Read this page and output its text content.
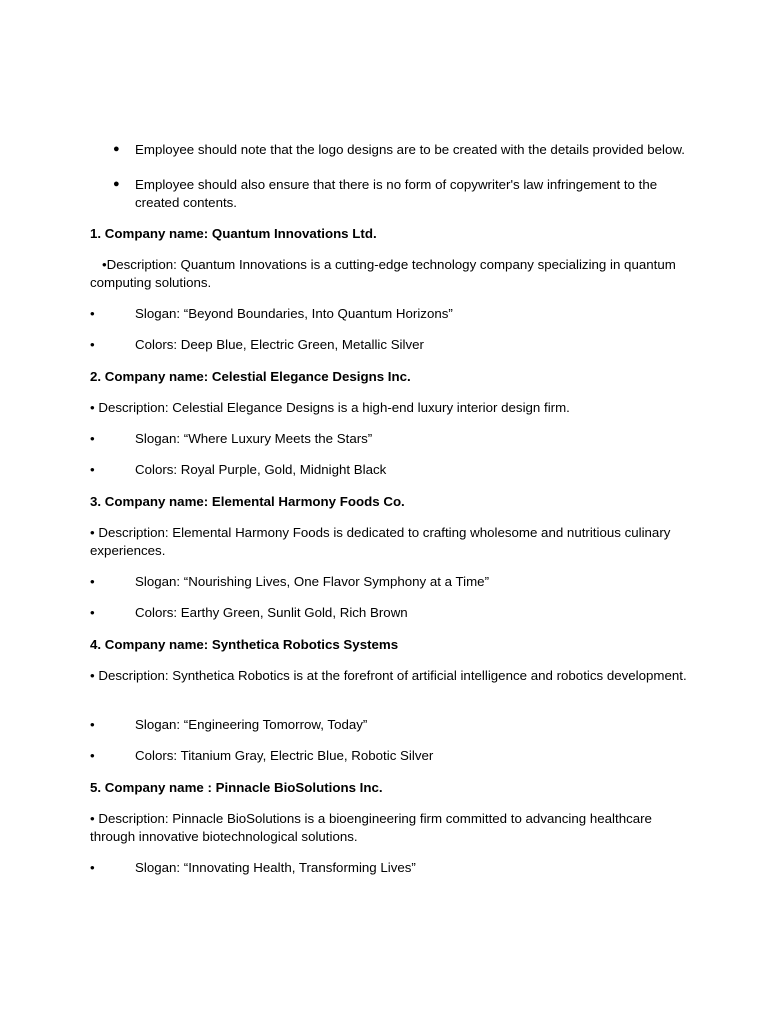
● Employee should note that the logo designs are to be created with the details provided below.
● Employee should also ensure that there is no form of copywriter's law infringement to the created contents.
1. Company name: Quantum Innovations Ltd.
•Description: Quantum Innovations is a cutting-edge technology company specializing in quantum computing solutions.
•	Slogan: “Beyond Boundaries, Into Quantum Horizons”
•	Colors: Deep Blue, Electric Green, Metallic Silver
2. Company name: Celestial Elegance Designs Inc.
• Description: Celestial Elegance Designs is a high-end luxury interior design firm.
•	Slogan: “Where Luxury Meets the Stars”
•	Colors: Royal Purple, Gold, Midnight Black
3. Company name: Elemental Harmony Foods Co.
• Description: Elemental Harmony Foods is dedicated to crafting wholesome and nutritious culinary experiences.
•	Slogan: “Nourishing Lives, One Flavor Symphony at a Time”
•	Colors: Earthy Green, Sunlit Gold, Rich Brown
4. Company name: Synthetica Robotics Systems
• Description: Synthetica Robotics is at the forefront of artificial intelligence and robotics development.
•	Slogan: “Engineering Tomorrow, Today”
•	Colors: Titanium Gray, Electric Blue, Robotic Silver
5. Company name : Pinnacle BioSolutions Inc.
• Description: Pinnacle BioSolutions is a bioengineering firm committed to advancing healthcare through innovative biotechnological solutions.
•	Slogan: “Innovating Health, Transforming Lives”
